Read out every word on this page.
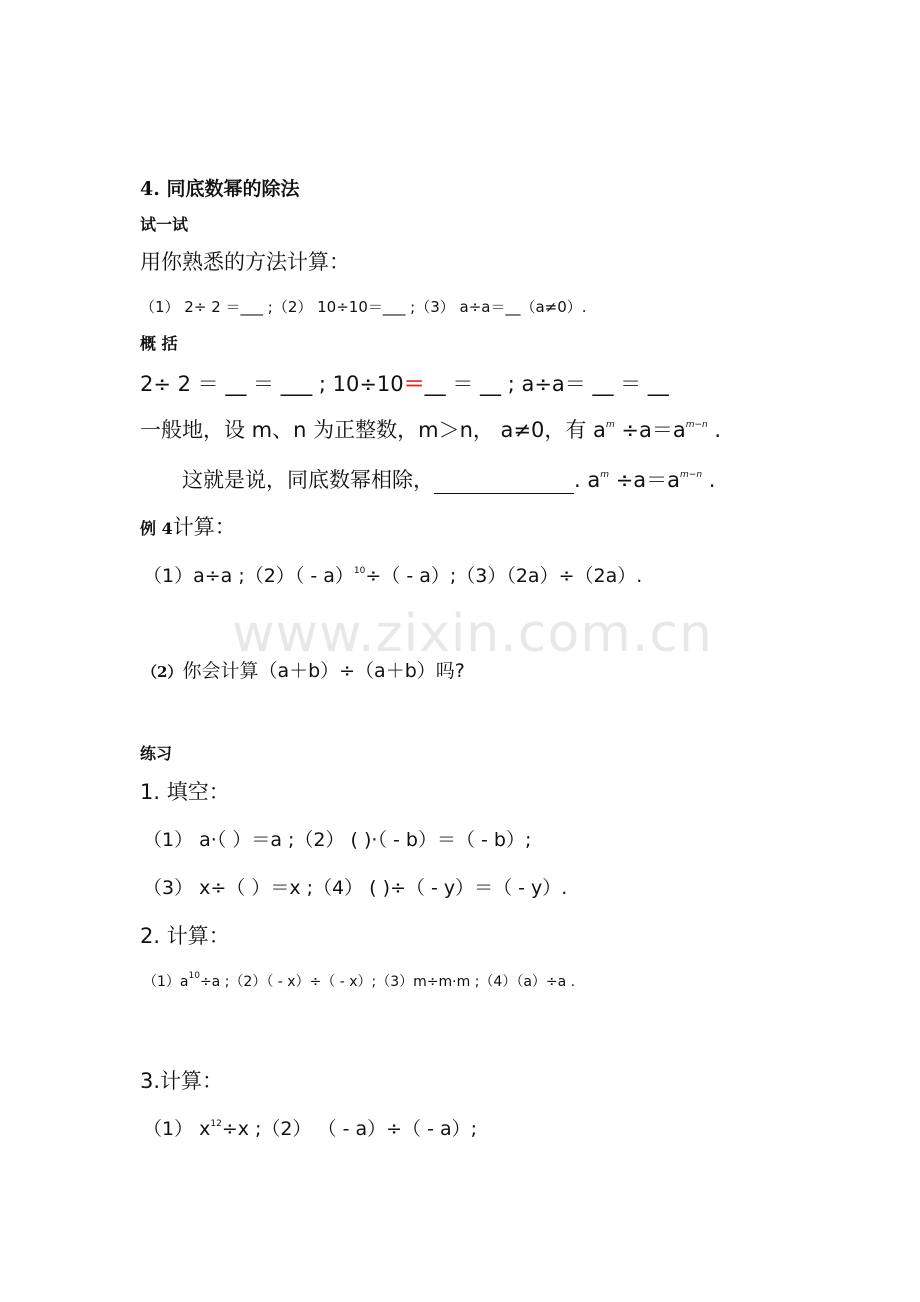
4. 同底数幂的除法
试一试
用你熟悉的方法计算：
（1） 2÷ 2 ＝___ ;（2） 10÷10＝___ ;（3） a÷a＝__（a≠0）.
概 括
2÷ 2 ＝ __ ＝ ___ ; 10÷10＝__ ＝ __ ; a÷a＝ __ ＝ __
一般地，设 m、n 为正整数，m＞n， a≠0，有 $a^m \div a=a^{m-n}$ .
这就是说，同底数幂相除，	. $a^m \div a=a^{m-n}$ .
例 4计算：
（1）a÷a ;（2）（ - a）$^{10}$÷（ - a）;（3）（2a）÷（2a）.
www.zixin.com.cn
（2）你会计算（a＋b）÷（a＋b）吗?
练习
1. 填空：
（1） a·（ ）＝a ;（2） ( )·（ - b）＝（ - b）;
（3） x÷（ ）＝x ;（4） ( )÷（ - y）＝（ - y）.
2. 计算：
$(1)a^{10}\div a$ ;（2）（ - x）÷（ - x）;（3）m÷m·m ;（4）（a）÷a .
3.计算：
（1） $x^{12}\div x$ ;（2） （ - a）÷（ - a）;
